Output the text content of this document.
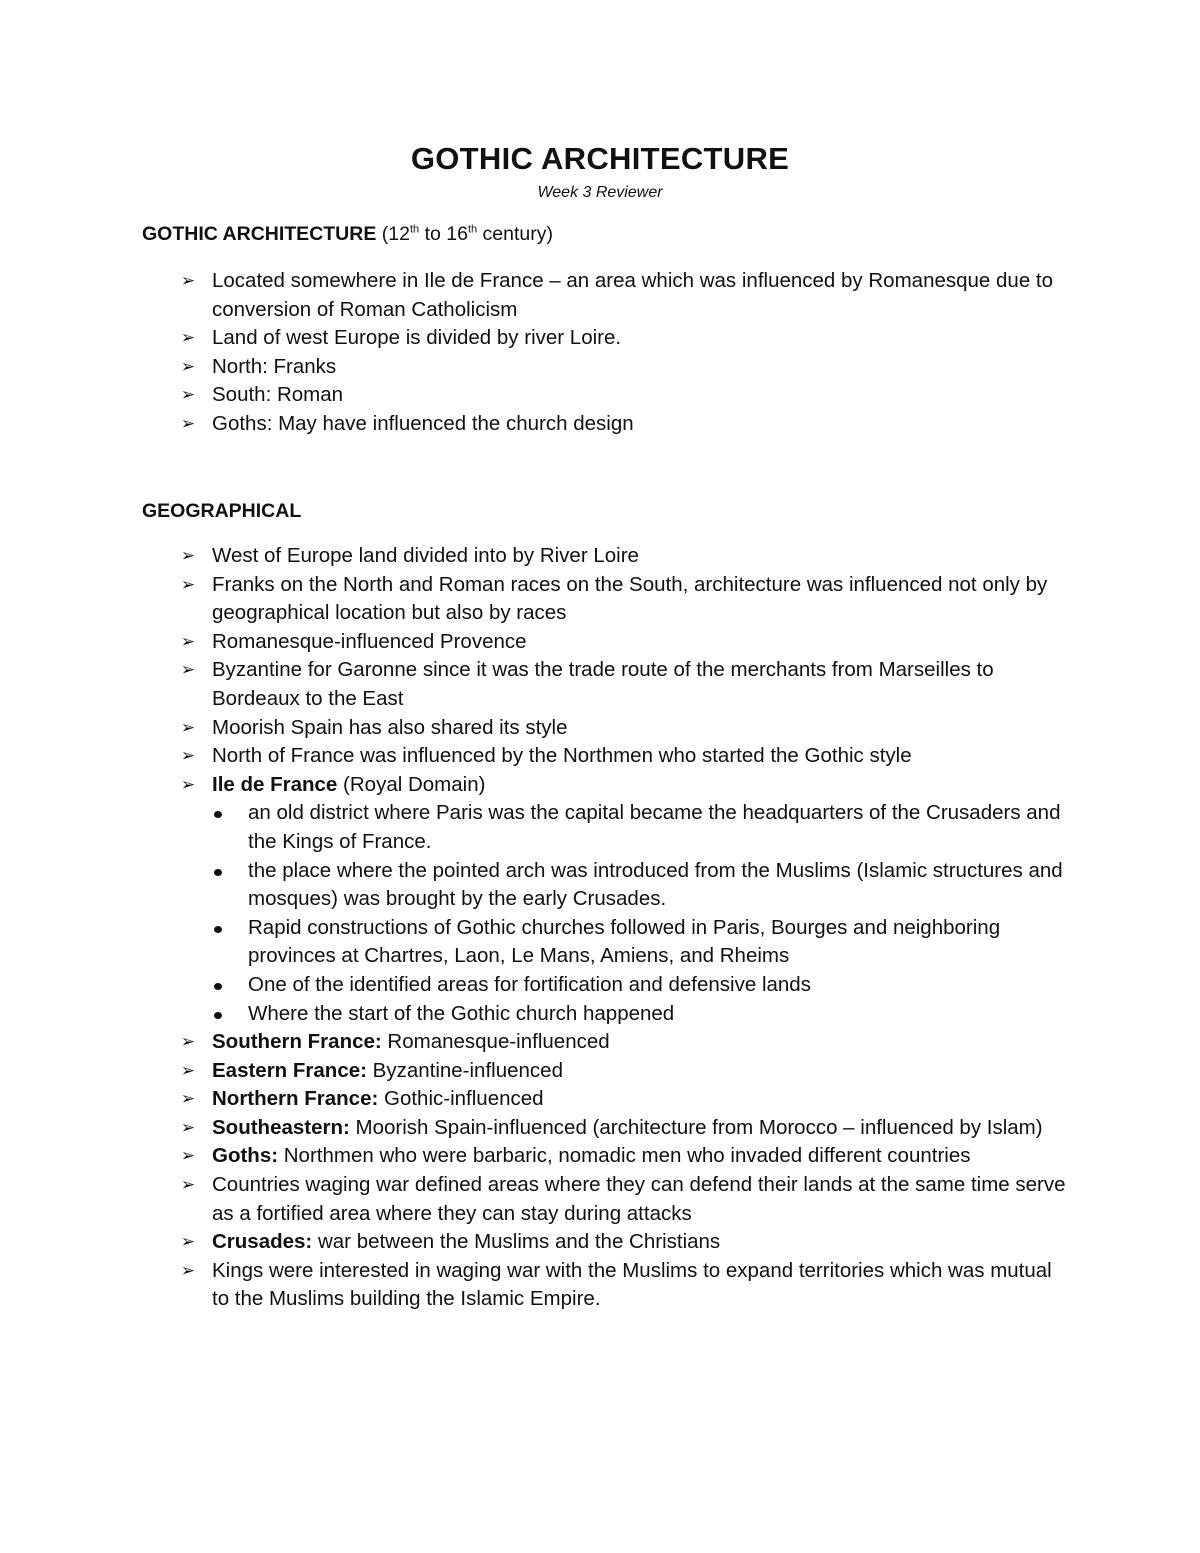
GOTHIC ARCHITECTURE
Week 3 Reviewer
GOTHIC ARCHITECTURE (12th to 16th century)
➢ Located somewhere in Ile de France – an area which was influenced by Romanesque due to conversion of Roman Catholicism
➢ Land of west Europe is divided by river Loire.
➢ North: Franks
➢ South: Roman
➢ Goths: May have influenced the church design
GEOGRAPHICAL
➢ West of Europe land divided into by River Loire
➢ Franks on the North and Roman races on the South, architecture was influenced not only by geographical location but also by races
➢ Romanesque-influenced Provence
➢ Byzantine for Garonne since it was the trade route of the merchants from Marseilles to Bordeaux to the East
➢ Moorish Spain has also shared its style
➢ North of France was influenced by the Northmen who started the Gothic style
➢ Ile de France (Royal Domain)
an old district where Paris was the capital became the headquarters of the Crusaders and the Kings of France.
the place where the pointed arch was introduced from the Muslims (Islamic structures and mosques) was brought by the early Crusades.
Rapid constructions of Gothic churches followed in Paris, Bourges and neighboring provinces at Chartres, Laon, Le Mans, Amiens, and Rheims
One of the identified areas for fortification and defensive lands
Where the start of the Gothic church happened
➢ Southern France: Romanesque-influenced
➢ Eastern France: Byzantine-influenced
➢ Northern France: Gothic-influenced
➢ Southeastern: Moorish Spain-influenced (architecture from Morocco – influenced by Islam)
➢ Goths: Northmen who were barbaric, nomadic men who invaded different countries
➢ Countries waging war defined areas where they can defend their lands at the same time serve as a fortified area where they can stay during attacks
➢ Crusades: war between the Muslims and the Christians
➢ Kings were interested in waging war with the Muslims to expand territories which was mutual to the Muslims building the Islamic Empire.
